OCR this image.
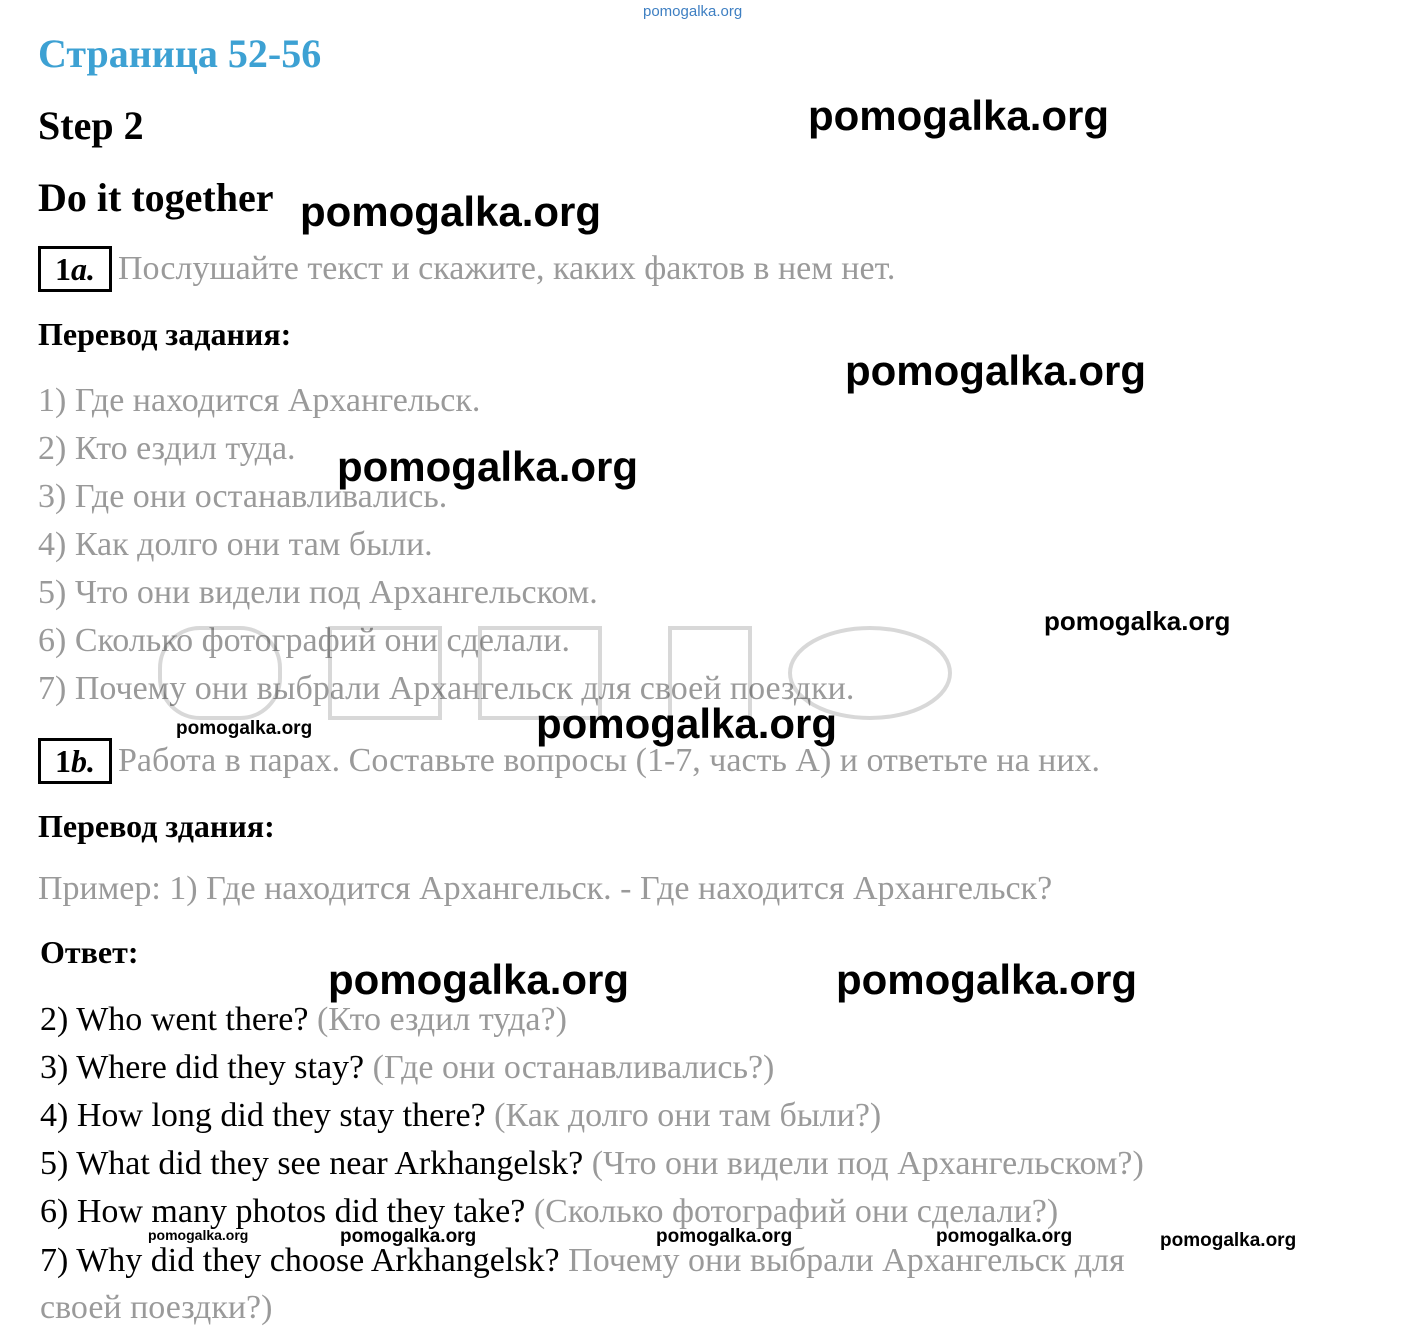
pomogalka.org
Страница 52-56
Step 2
Do it together
1a. Послушайте текст и скажите, каких фактов в нем нет.
Перевод задания:
1) Где находится Архангельск.
2) Кто ездил туда.
3) Где они останавливались.
4) Как долго они там были.
5) Что они видели под Архангельском.
6) Сколько фотографий они сделали.
7) Почему они выбрали Архангельск для своей поездки.
1b. Работа в парах. Составьте вопросы (1-7, часть А) и ответьте на них.
Перевод здания:
Пример: 1) Где находится Архангельск. - Где находится Архангельск?
Ответ:
2) Who went there? (Кто ездил туда?)
3) Where did they stay? (Где они останавливались?)
4) How long did they stay there? (Как долго они там были?)
5) What did they see near Arkhangelsk? (Что они видели под Архангельском?)
6) How many photos did they take? (Сколько фотографий они сделали?)
7) Why did they choose Arkhangelsk? Почему они выбрали Архангельск для
своей поездки?)
pomogalka.org
pomogalka.org
pomogalka.org
pomogalka.org
pomogalka.org
pomogalka.org
pomogalka.org
pomogalka.org	pomogalka.org
pomogalka.org	pomogalka.org	pomogalka.org	pomogalka.org	pomogalka.org
